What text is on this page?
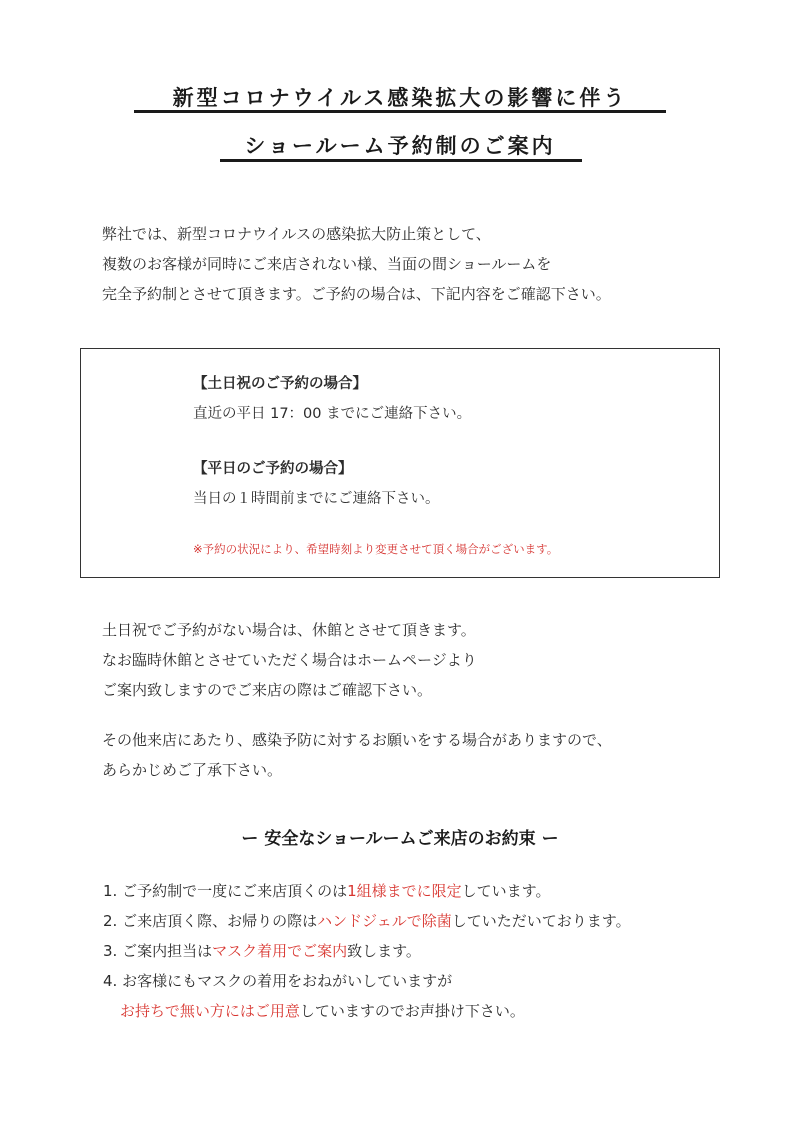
新型コロナウイルス感染拡大の影響に伴う
ショールーム予約制のご案内
弊社では、新型コロナウイルスの感染拡大防止策として、
複数のお客様が同時にご来店されない様、当面の間ショールームを
完全予約制とさせて頂きます。ご予約の場合は、下記内容をご確認下さい。
【土日祝のご予約の場合】
直近の平日 17：00 までにご連絡下さい。
【平日のご予約の場合】
当日の１時間前までにご連絡下さい。
※予約の状況により、希望時刻より変更させて頂く場合がございます。
土日祝でご予約がない場合は、休館とさせて頂きます。
なお臨時休館とさせていただく場合はホームページより
ご案内致しますのでご来店の際はご確認下さい。
その他来店にあたり、感染予防に対するお願いをする場合がありますので、
あらかじめご了承下さい。
ー 安全なショールームご来店のお約束 ー
1. ご予約制で一度にご来店頂くのは1組様までに限定しています。
2. ご来店頂く際、お帰りの際はハンドジェルで除菌していただいております。
3. ご案内担当はマスク着用でご案内致します。
4. お客様にもマスクの着用をおねがいしていますが
お持ちで無い方にはご用意していますのでお声掛け下さい。
